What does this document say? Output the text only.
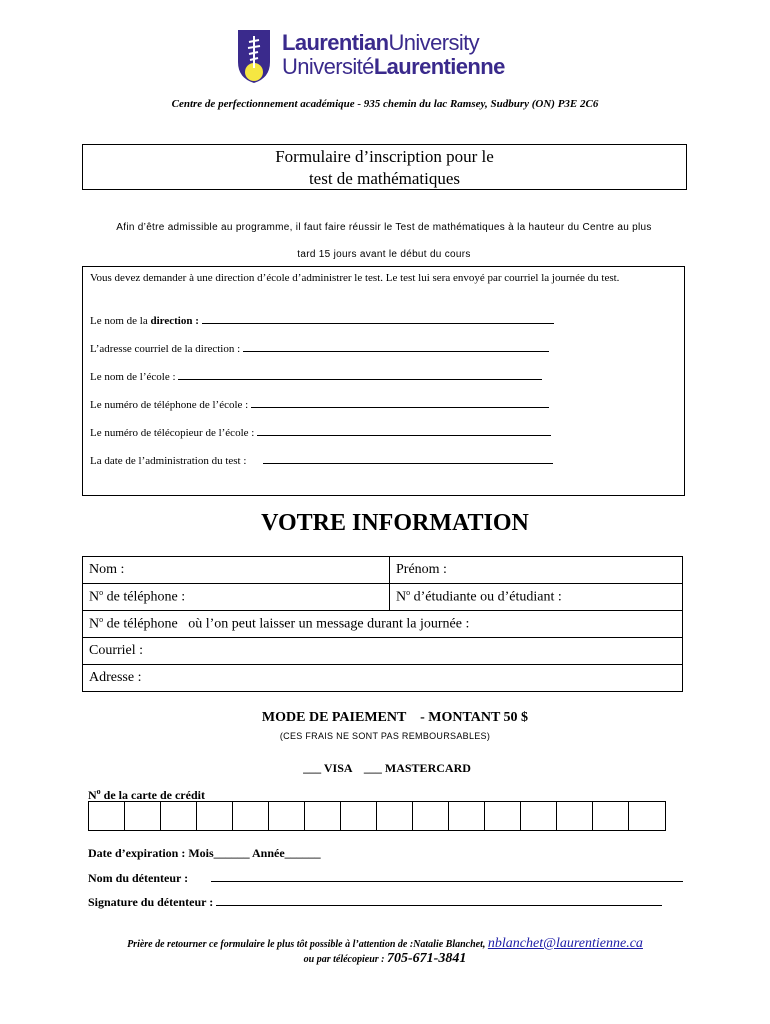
LaurentianUniversity
UniversitéLaurentienne
Centre de perfectionnement académique - 935 chemin du lac Ramsey, Sudbury (ON) P3E 2C6
Formulaire d’inscription pour le
test de mathématiques
Afin d’être admissible au programme, il faut faire réussir le Test de mathématiques à la hauteur du Centre au plus
tard 15 jours avant le début du cours
Vous devez demander à une direction d’école d’administrer le test. Le test lui sera envoyé par courriel la journée du test.
Le nom de la direction :
L’adresse courriel de la direction :
Le nom de l’école :
Le numéro de téléphone de l’école :
Le numéro de télécopieur de l’école :
La date de l’administration du test :
VOTRE INFORMATION
Nom :	Prénom :
$N^o$ de téléphone :	$N^o$ d’étudiante ou d’étudiant :
$N^o$ de téléphone   où l’on peut laisser un message durant la journée :	
Courriel :	
Adresse :	
MODE DE PAIEMENT    - MONTANT 50 $
(CES FRAIS NE SONT PAS REMBOURSABLES)
___ VISA    ___ MASTERCARD
$N^o$ de la carte de crédit
Date d’expiration : Mois______ Année______
Nom du détenteur :
Signature du détenteur :
Prière de retourner ce formulaire le plus tôt possible à l’attention de :Natalie Blanchet, nblanchet@laurentienne.ca
ou par télécopieur : 705-671-3841
